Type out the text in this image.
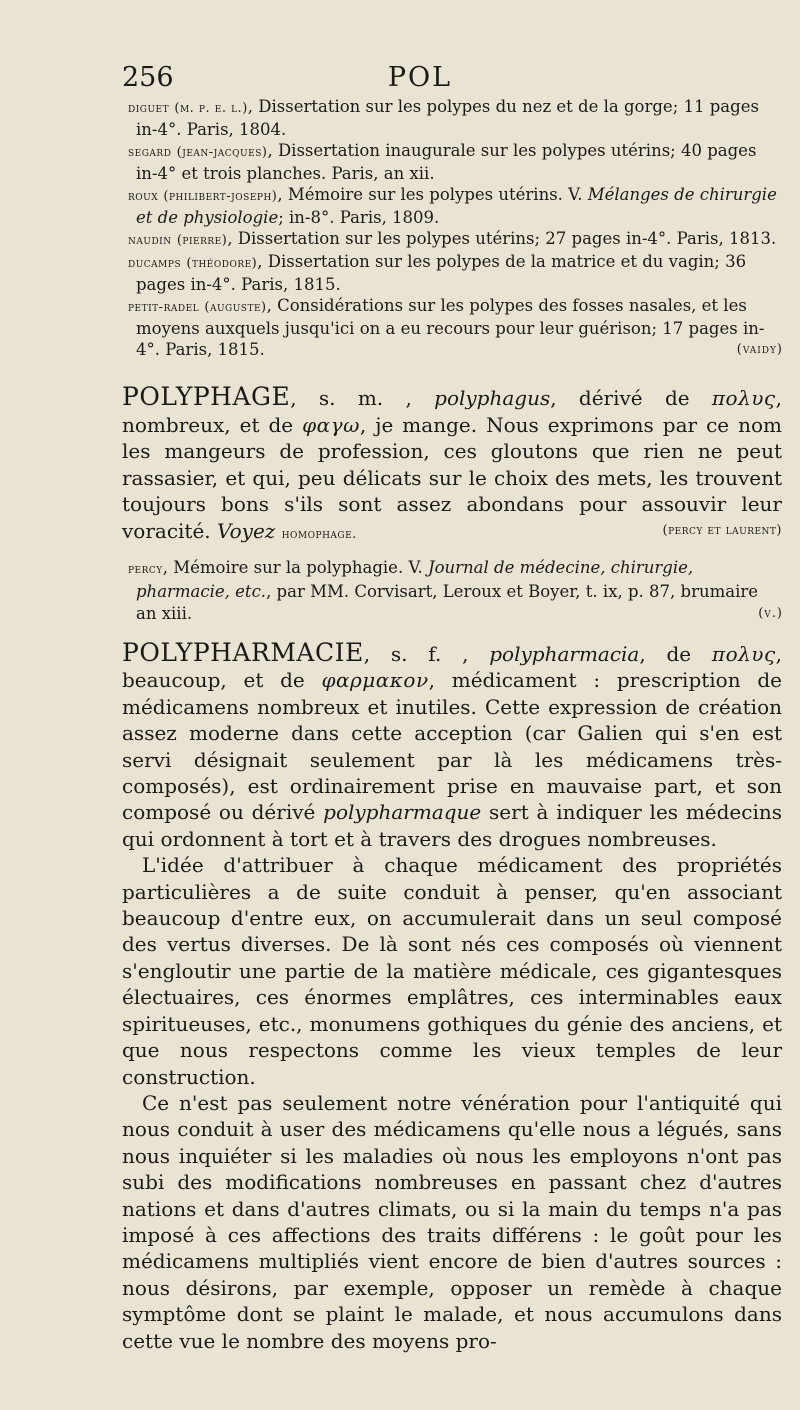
256	POL

diguet (m. p. e. l.), Dissertation sur les polypes du nez et de la gorge; 11 pages in-4°. Paris, 1804.

segard (jean-jacques), Dissertation inaugurale sur les polypes utérins; 40 pages in-4° et trois planches. Paris, an xii.

roux (philibert-joseph), Mémoire sur les polypes utérins. V. Mélanges de chirurgie et de physiologie; in-8°. Paris, 1809.

naudin (pierre), Dissertation sur les polypes utérins; 27 pages in-4°. Paris, 1813.

ducamps (théodore), Dissertation sur les polypes de la matrice et du vagin; 36 pages in-4°. Paris, 1815.

petit-radel (auguste), Considérations sur les polypes des fosses nasales, et les moyens auxquels jusqu'ici on a eu recours pour leur guérison; 17 pages in-4°. Paris, 1815.	(vaidy)

POLYPHAGE, s. m. , polyphagus, dérivé de πολυς, nombreux, et de φαγω, je mange. Nous exprimons par ce nom les mangeurs de profession, ces gloutons que rien ne peut rassasier, et qui, peu délicats sur le choix des mets, les trouvent toujours bons s'ils sont assez abondans pour assouvir leur voracité. Voyez homophage.	(percy et laurent)

percy, Mémoire sur la polyphagie. V. Journal de médecine, chirurgie, pharmacie, etc., par MM. Corvisart, Leroux et Boyer, t. ix, p. 87, brumaire an xiii.	(v.)

POLYPHARMACIE, s. f. , polypharmacia, de πολυς, beaucoup, et de φαρμακον, médicament : prescription de médicamens nombreux et inutiles. Cette expression de création assez moderne dans cette acception (car Galien qui s'en est servi désignait seulement par là les médicamens très-composés), est ordinairement prise en mauvaise part, et son composé ou dérivé polypharmaque sert à indiquer les médecins qui ordonnent à tort et à travers des drogues nombreuses.

L'idée d'attribuer à chaque médicament des propriétés particulières a de suite conduit à penser, qu'en associant beaucoup d'entre eux, on accumulerait dans un seul composé des vertus diverses. De là sont nés ces composés où viennent s'engloutir une partie de la matière médicale, ces gigantesques électuaires, ces énormes emplâtres, ces interminables eaux spiritueuses, etc., monumens gothiques du génie des anciens, et que nous respectons comme les vieux temples de leur construction.

Ce n'est pas seulement notre vénération pour l'antiquité qui nous conduit à user des médicamens qu'elle nous a légués, sans nous inquiéter si les maladies où nous les employons n'ont pas subi des modifications nombreuses en passant chez d'autres nations et dans d'autres climats, ou si la main du temps n'a pas imposé à ces affections des traits différens : le goût pour les médicamens multipliés vient encore de bien d'autres sources : nous désirons, par exemple, opposer un remède à chaque symptôme dont se plaint le malade, et nous accumulons dans cette vue le nombre des moyens pro-
